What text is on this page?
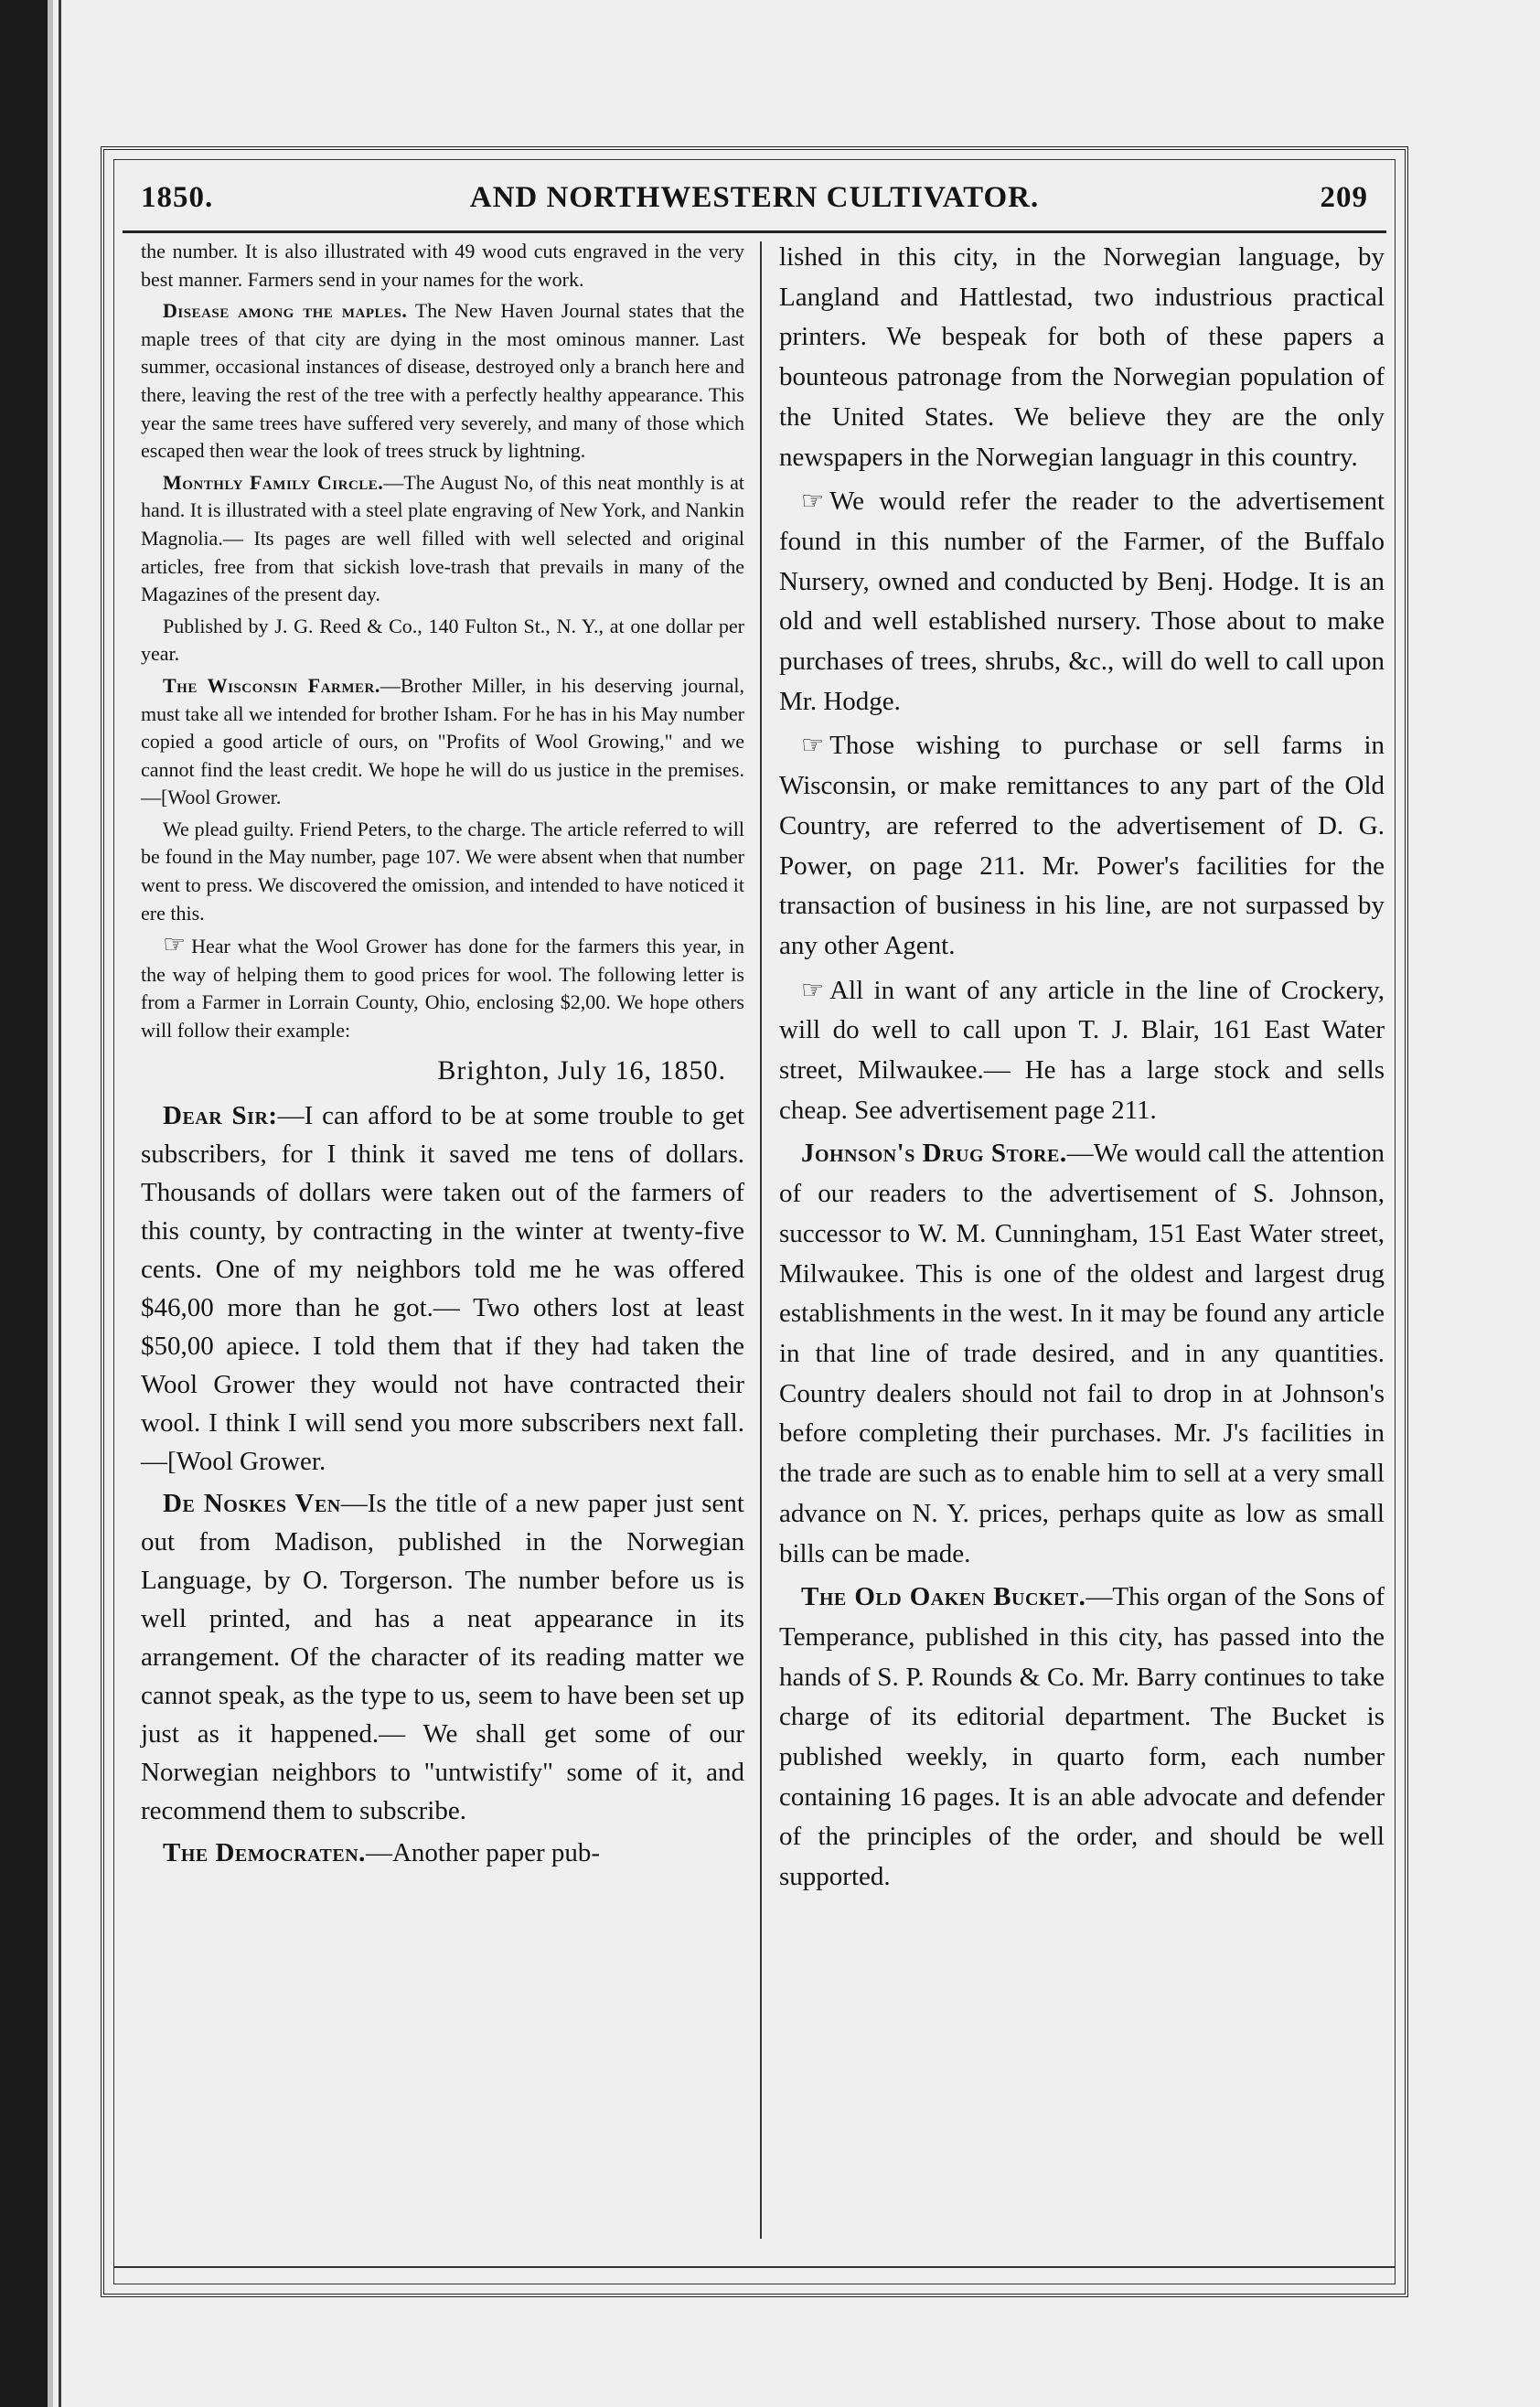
1850.	AND NORTHWESTERN CULTIVATOR.	209

the number. It is also illustrated with 49 wood cuts engraved in the very best manner. Farmers send in your names for the work.

Disease among the maples. The New Haven Journal states that the maple trees of that city are dying in the most ominous manner. Last summer, occasional instances of disease, destroyed only a branch here and there, leaving the rest of the tree with a perfectly healthy appearance. This year the same trees have suffered very severely, and many of those which escaped then wear the look of trees struck by lightning.

Monthly Family Circle.—The August No, of this neat monthly is at hand. It is illustrated with a steel plate engraving of New York, and Nankin Magnolia.— Its pages are well filled with well selected and original articles, free from that sickish love-trash that prevails in many of the Magazines of the present day.

Published by J. G. Reed & Co., 140 Fulton St., N. Y., at one dollar per year.

The Wisconsin Farmer.—Brother Miller, in his deserving journal, must take all we intended for brother Isham. For he has in his May number copied a good article of ours, on "Profits of Wool Growing," and we cannot find the least credit. We hope he will do us justice in the premises.—[Wool Grower.

We plead guilty. Friend Peters, to the charge. The article referred to will be found in the May number, page 107. We were absent when that number went to press. We discovered the omission, and intended to have noticed it ere this.

☞ Hear what the Wool Grower has done for the farmers this year, in the way of helping them to good prices for wool. The following letter is from a Farmer in Lorrain County, Ohio, enclosing $2,00. We hope others will follow their example:

Brighton, July 16, 1850.

Dear Sir:—I can afford to be at some trouble to get subscribers, for I think it saved me tens of dollars. Thousands of dollars were taken out of the farmers of this county, by contracting in the winter at twenty-five cents. One of my neighbors told me he was offered $46,00 more than he got.— Two others lost at least $50,00 apiece. I told them that if they had taken the Wool Grower they would not have contracted their wool. I think I will send you more subscribers next fall.—[Wool Grower.

De Noskes Ven—Is the title of a new paper just sent out from Madison, published in the Norwegian Language, by O. Torgerson. The number before us is well printed, and has a neat appearance in its arrangement. Of the character of its reading matter we cannot speak, as the type to us, seem to have been set up just as it happened.— We shall get some of our Norwegian neighbors to "untwistify" some of it, and recommend them to subscribe.

The Democraten.—Another paper pub-

lished in this city, in the Norwegian language, by Langland and Hattlestad, two industrious practical printers. We bespeak for both of these papers a bounteous patronage from the Norwegian population of the United States. We believe they are the only newspapers in the Norwegian languagr in this country.

☞ We would refer the reader to the advertisement found in this number of the Farmer, of the Buffalo Nursery, owned and conducted by Benj. Hodge. It is an old and well established nursery. Those about to make purchases of trees, shrubs, &c., will do well to call upon Mr. Hodge.

☞ Those wishing to purchase or sell farms in Wisconsin, or make remittances to any part of the Old Country, are referred to the advertisement of D. G. Power, on page 211. Mr. Power's facilities for the transaction of business in his line, are not surpassed by any other Agent.

☞ All in want of any article in the line of Crockery, will do well to call upon T. J. Blair, 161 East Water street, Milwaukee.— He has a large stock and sells cheap. See advertisement page 211.

Johnson's Drug Store.—We would call the attention of our readers to the advertisement of S. Johnson, successor to W. M. Cunningham, 151 East Water street, Milwaukee. This is one of the oldest and largest drug establishments in the west. In it may be found any article in that line of trade desired, and in any quantities. Country dealers should not fail to drop in at Johnson's before completing their purchases. Mr. J's facilities in the trade are such as to enable him to sell at a very small advance on N. Y. prices, perhaps quite as low as small bills can be made.

The Old Oaken Bucket.—This organ of the Sons of Temperance, published in this city, has passed into the hands of S. P. Rounds & Co. Mr. Barry continues to take charge of its editorial department. The Bucket is published weekly, in quarto form, each number containing 16 pages. It is an able advocate and defender of the principles of the order, and should be well supported.
